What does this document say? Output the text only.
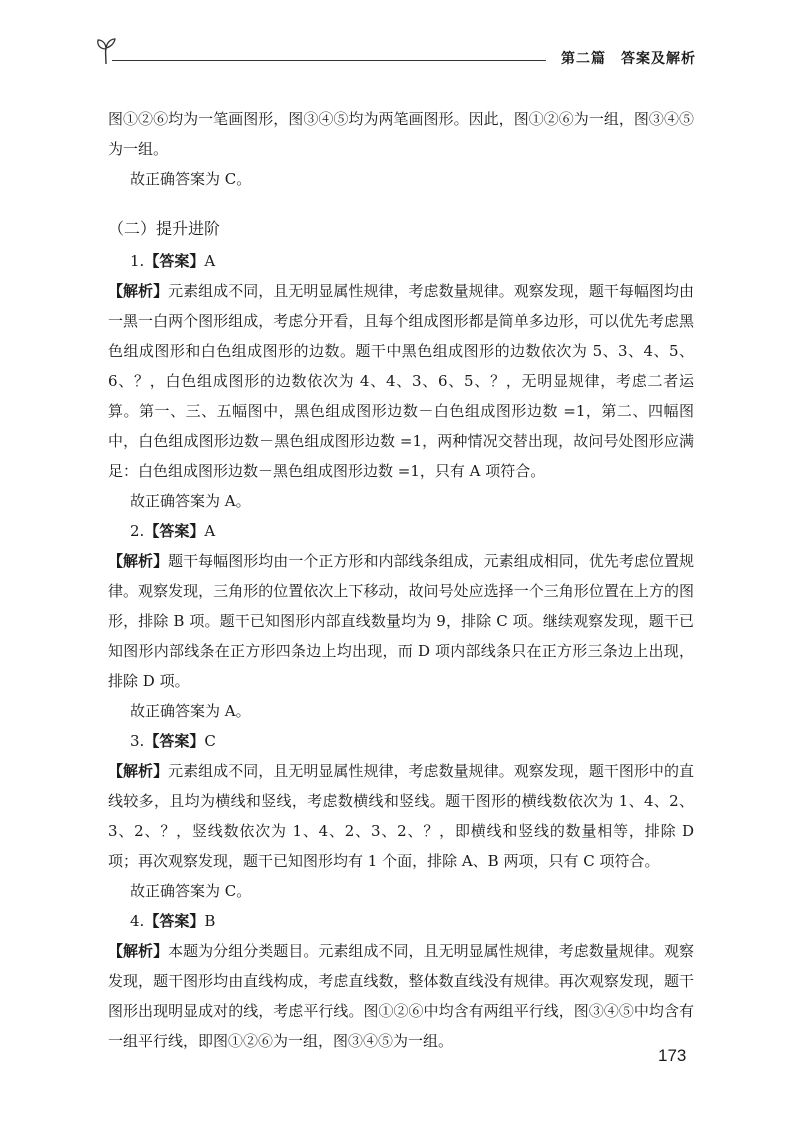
第二篇　答案及解析

图①②⑥均为一笔画图形，图③④⑤均为两笔画图形。因此，图①②⑥为一组，图③④⑤为一组。

故正确答案为 C。

（二）提升进阶

1.【答案】A

【解析】元素组成不同，且无明显属性规律，考虑数量规律。观察发现，题干每幅图均由一黑一白两个图形组成，考虑分开看，且每个组成图形都是简单多边形，可以优先考虑黑色组成图形和白色组成图形的边数。题干中黑色组成图形的边数依次为 5、3、4、5、6、？，白色组成图形的边数依次为 4、4、3、6、5、？，无明显规律，考虑二者运算。第一、三、五幅图中，黑色组成图形边数－白色组成图形边数 =1，第二、四幅图中，白色组成图形边数－黑色组成图形边数 =1，两种情况交替出现，故问号处图形应满足：白色组成图形边数－黑色组成图形边数 =1，只有 A 项符合。

故正确答案为 A。

2.【答案】A

【解析】题干每幅图形均由一个正方形和内部线条组成，元素组成相同，优先考虑位置规律。观察发现，三角形的位置依次上下移动，故问号处应选择一个三角形位置在上方的图形，排除 B 项。题干已知图形内部直线数量均为 9，排除 C 项。继续观察发现，题干已知图形内部线条在正方形四条边上均出现，而 D 项内部线条只在正方形三条边上出现，排除 D 项。

故正确答案为 A。

3.【答案】C

【解析】元素组成不同，且无明显属性规律，考虑数量规律。观察发现，题干图形中的直线较多，且均为横线和竖线，考虑数横线和竖线。题干图形的横线数依次为 1、4、2、3、2、？，竖线数依次为 1、4、2、3、2、？，即横线和竖线的数量相等，排除 D 项；再次观察发现，题干已知图形均有 1 个面，排除 A、B 两项，只有 C 项符合。

故正确答案为 C。

4.【答案】B

【解析】本题为分组分类题目。元素组成不同，且无明显属性规律，考虑数量规律。观察发现，题干图形均由直线构成，考虑直线数，整体数直线没有规律。再次观察发现，题干图形出现明显成对的线，考虑平行线。图①②⑥中均含有两组平行线，图③④⑤中均含有一组平行线，即图①②⑥为一组，图③④⑤为一组。

173
